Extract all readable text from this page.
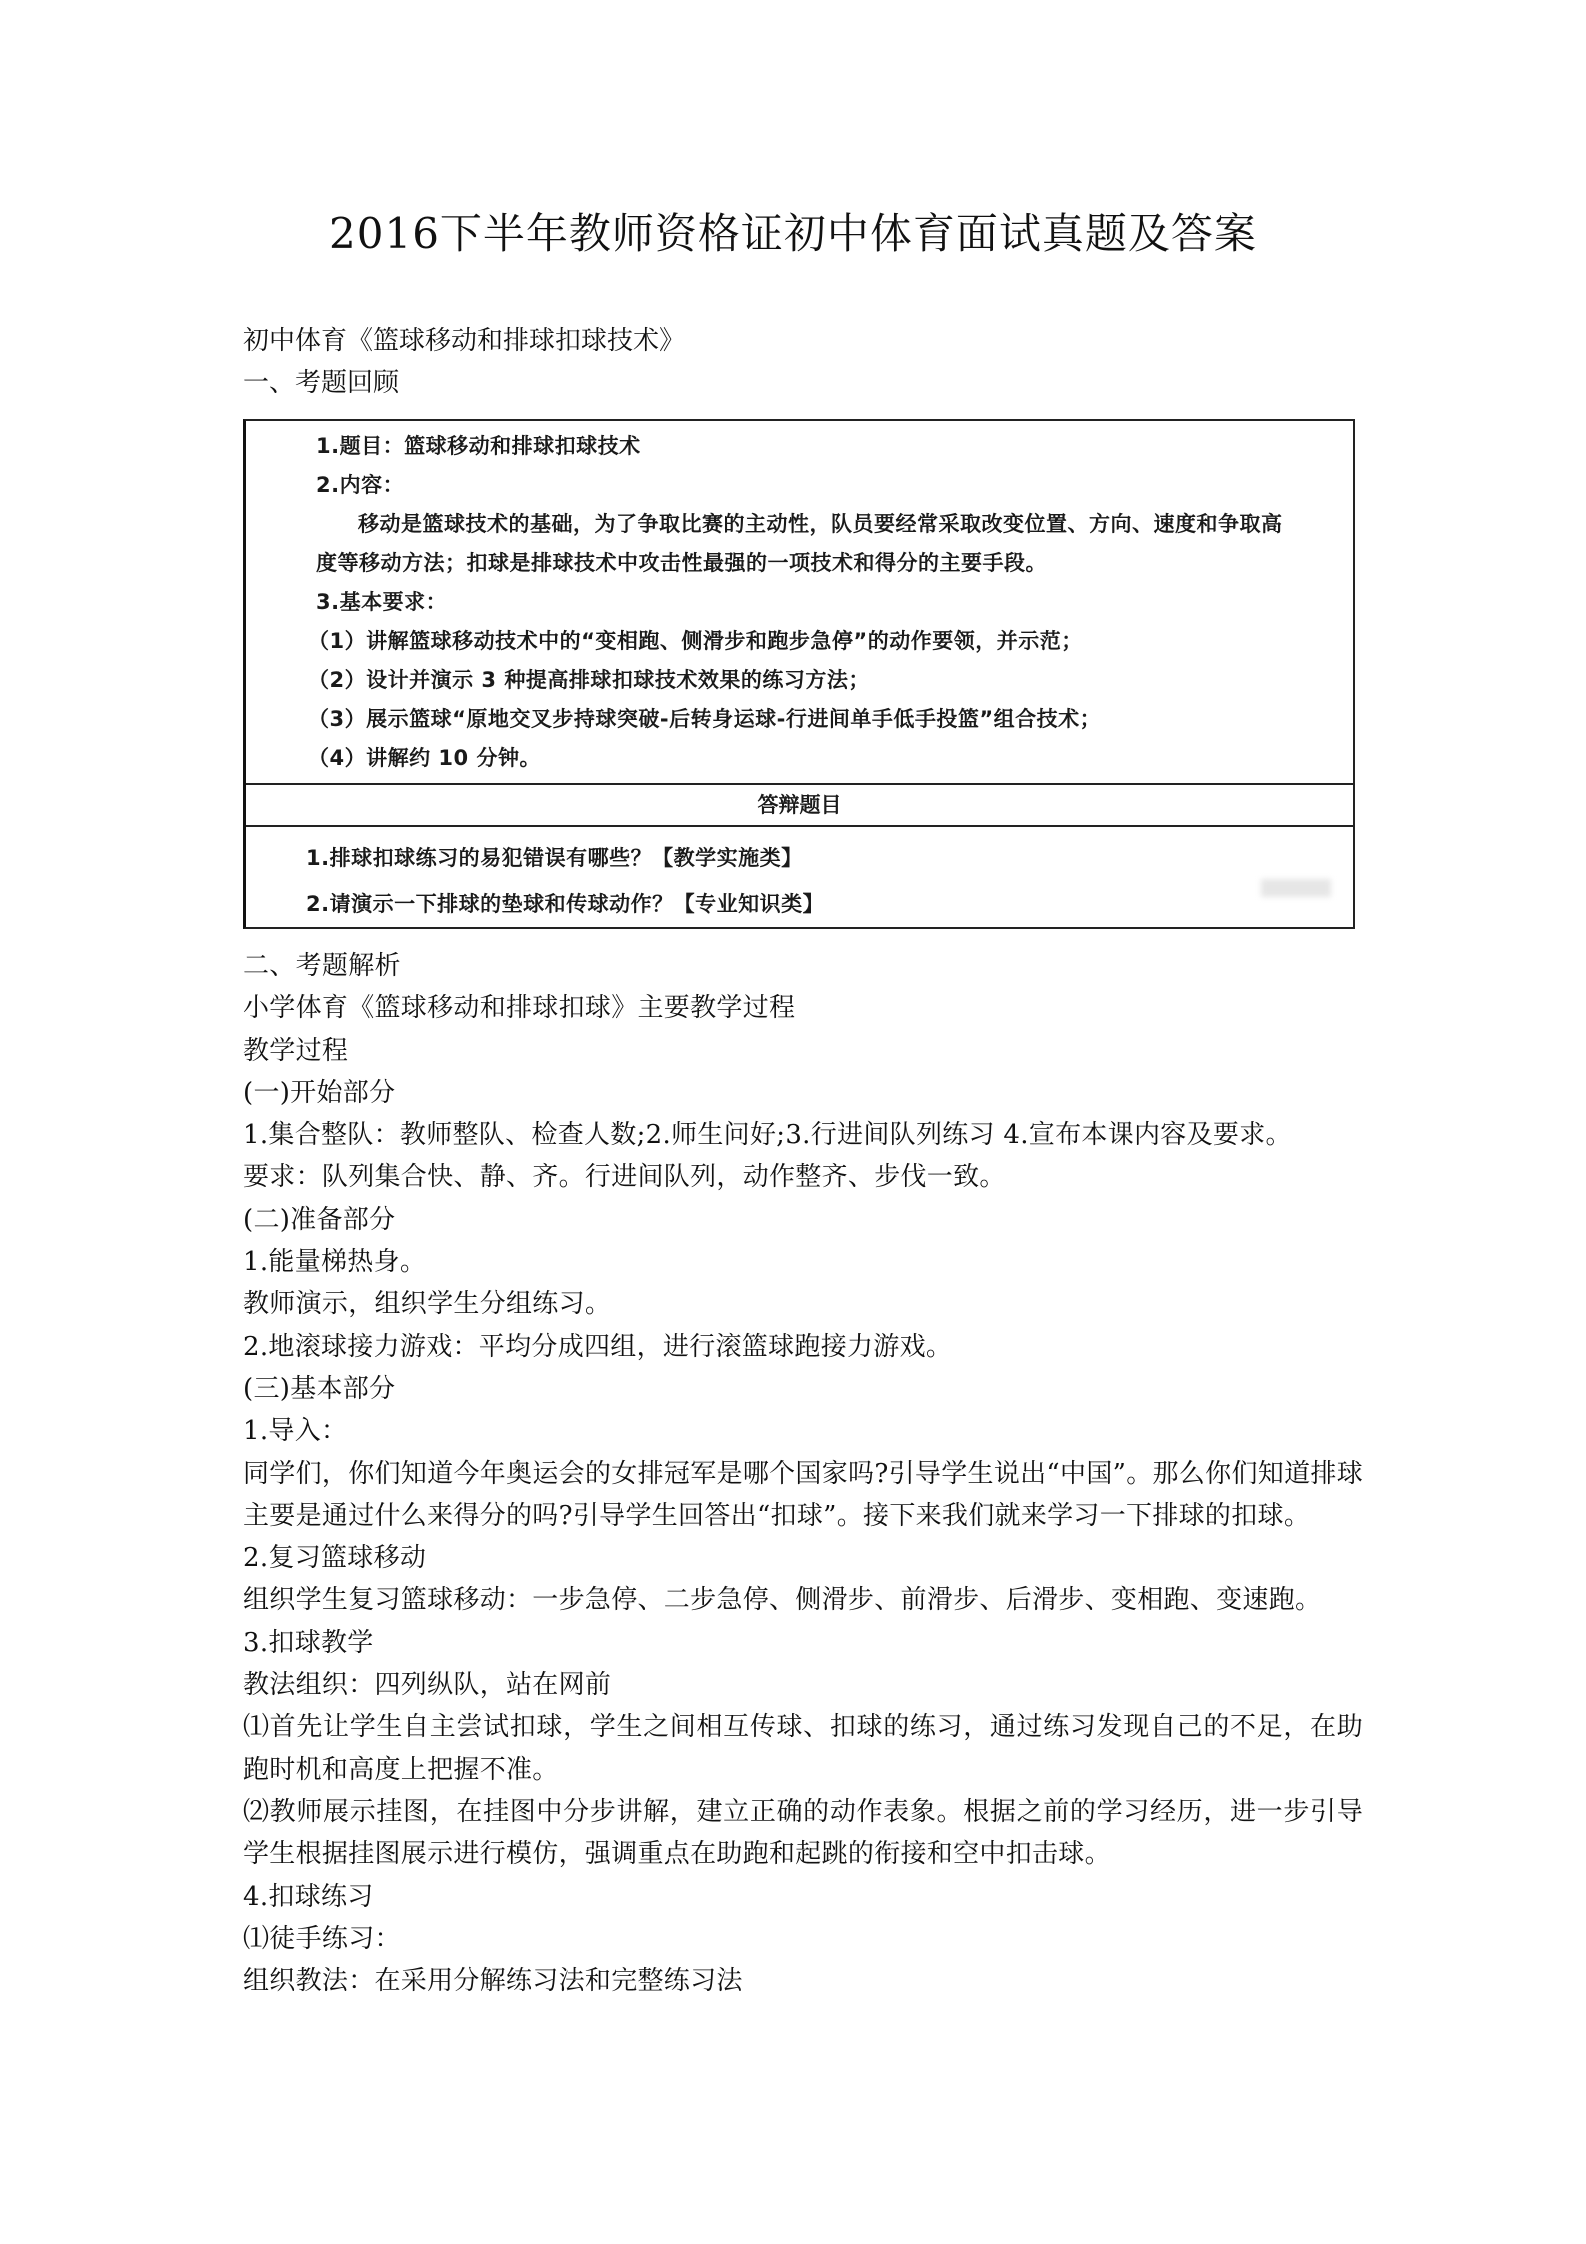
2016下半年教师资格证初中体育面试真题及答案
初中体育《篮球移动和排球扣球技术》
一、考题回顾
1.题目：篮球移动和排球扣球技术
2.内容：
移动是篮球技术的基础，为了争取比赛的主动性，队员要经常采取改变位置、方向、速度和争取高
度等移动方法；扣球是排球技术中攻击性最强的一项技术和得分的主要手段。
3.基本要求：
（1）讲解篮球移动技术中的“变相跑、侧滑步和跑步急停”的动作要领，并示范；
（2）设计并演示 3 种提高排球扣球技术效果的练习方法；
（3）展示篮球“原地交叉步持球突破-后转身运球-行进间单手低手投篮”组合技术；
（4）讲解约 10 分钟。
答辩题目
1.排球扣球练习的易犯错误有哪些？【教学实施类】
2.请演示一下排球的垫球和传球动作？【专业知识类】
二、考题解析
小学体育《篮球移动和排球扣球》主要教学过程
教学过程
(一)开始部分
1.集合整队：教师整队、检查人数;2.师生问好;3.行进间队列练习 4.宣布本课内容及要求。
要求：队列集合快、静、齐。行进间队列，动作整齐、步伐一致。
(二)准备部分
1.能量梯热身。
教师演示，组织学生分组练习。
2.地滚球接力游戏：平均分成四组，进行滚篮球跑接力游戏。
(三)基本部分
1.导入：
同学们，你们知道今年奥运会的女排冠军是哪个国家吗?引导学生说出“中国”。那么你们知道排球主要是通过什么来得分的吗?引导学生回答出“扣球”。接下来我们就来学习一下排球的扣球。
2.复习篮球移动
组织学生复习篮球移动：一步急停、二步急停、侧滑步、前滑步、后滑步、变相跑、变速跑。
3.扣球教学
教法组织：四列纵队，站在网前
⑴首先让学生自主尝试扣球，学生之间相互传球、扣球的练习，通过练习发现自己的不足，在助跑时机和高度上把握不准。
⑵教师展示挂图，在挂图中分步讲解，建立正确的动作表象。根据之前的学习经历，进一步引导学生根据挂图展示进行模仿，强调重点在助跑和起跳的衔接和空中扣击球。
4.扣球练习
⑴徒手练习：
组织教法：在采用分解练习法和完整练习法
